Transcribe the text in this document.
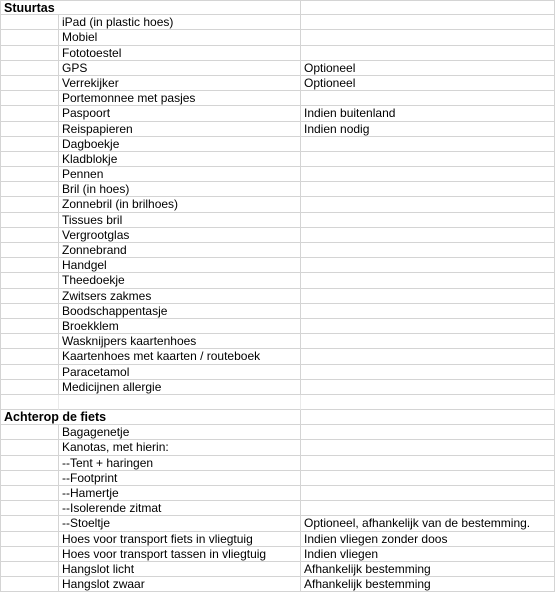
Stuurtas
iPad (in plastic hoes)
Mobiel
Fototoestel
GPS	Optioneel
Verrekijker	Optioneel
Portemonnee met pasjes
Paspoort	Indien buitenland
Reispapieren	Indien nodig
Dagboekje
Kladblokje
Pennen
Bril (in hoes)
Zonnebril (in brilhoes)
Tissues bril
Vergrootglas
Zonnebrand
Handgel
Theedoekje
Zwitsers zakmes
Boodschappentasje
Broekklem
Wasknijpers kaartenhoes
Kaartenhoes met kaarten / routeboek
Paracetamol
Medicijnen allergie
Achterop de fiets
Bagagenetje
Kanotas, met hierin:
--Tent + haringen
--Footprint
--Hamertje
--Isolerende zitmat
--Stoeltje	Optioneel, afhankelijk van de bestemming.
Hoes voor transport fiets in vliegtuig	Indien vliegen zonder doos
Hoes voor transport tassen in vliegtuig	Indien vliegen
Hangslot licht	Afhankelijk bestemming
Hangslot zwaar	Afhankelijk bestemming
